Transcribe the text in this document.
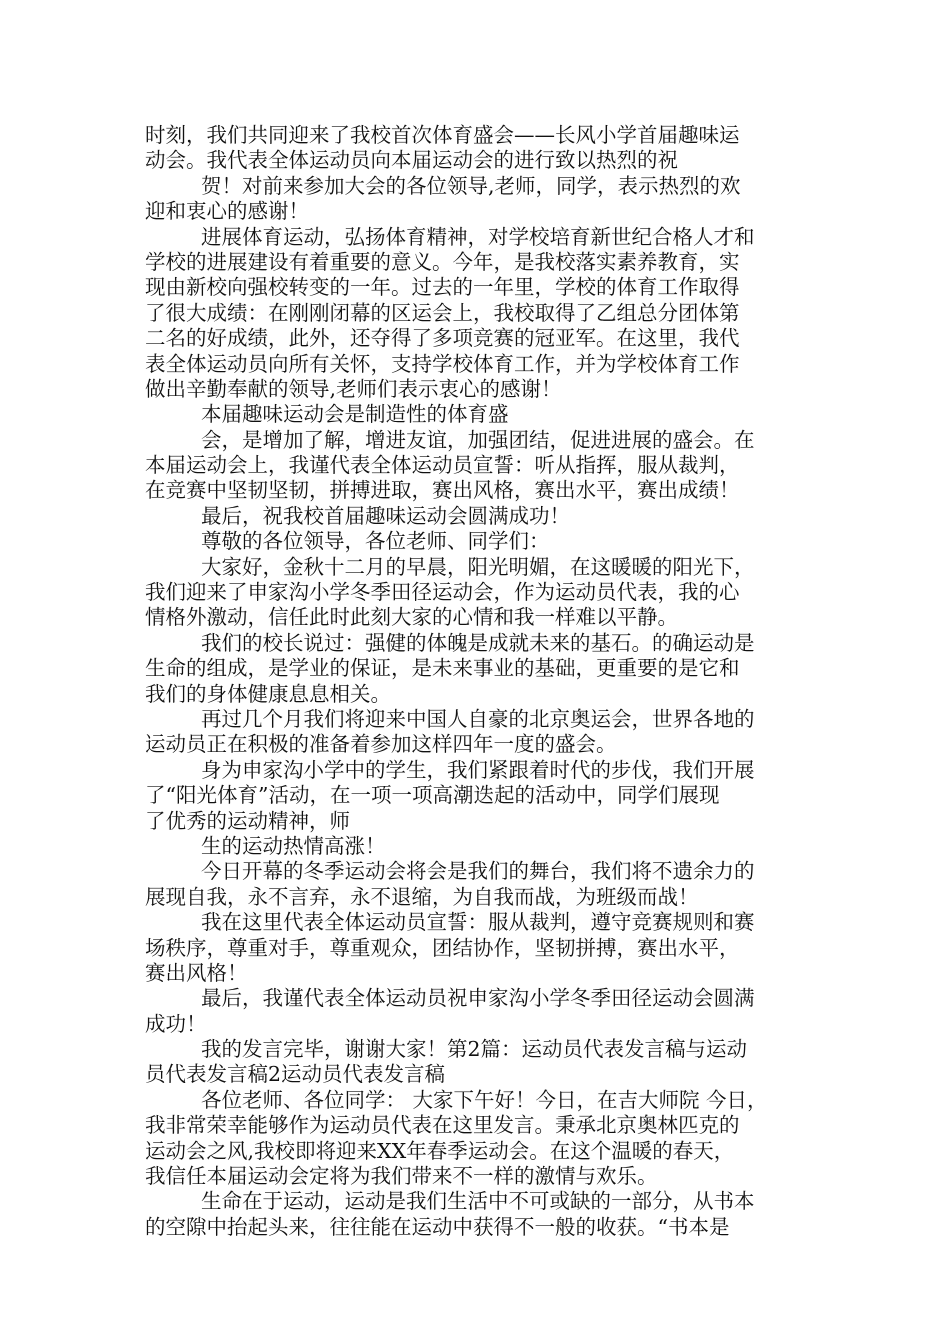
时刻，我们共同迎来了我校首次体育盛会——长风小学首届趣味运
动会。我代表全体运动员向本届运动会的进行致以热烈的祝
贺！对前来参加大会的各位领导,老师，同学，表示热烈的欢
迎和衷心的感谢！
进展体育运动，弘扬体育精神，对学校培育新世纪合格人才和
学校的进展建设有着重要的意义。今年，是我校落实素养教育，实
现由新校向强校转变的一年。过去的一年里，学校的体育工作取得
了很大成绩：在刚刚闭幕的区运会上，我校取得了乙组总分团体第
二名的好成绩，此外，还夺得了多项竞赛的冠亚军。在这里，我代
表全体运动员向所有关怀，支持学校体育工作，并为学校体育工作
做出辛勤奉献的领导,老师们表示衷心的感谢！
本届趣味运动会是制造性的体育盛
会，是增加了解，增进友谊，加强团结，促进进展的盛会。在
本届运动会上，我谨代表全体运动员宣誓：听从指挥，服从裁判，
在竞赛中坚韧坚韧，拼搏进取，赛出风格，赛出水平，赛出成绩！
最后，祝我校首届趣味运动会圆满成功！
尊敬的各位领导，各位老师、同学们：
大家好，金秋十二月的早晨，阳光明媚，在这暖暖的阳光下，
我们迎来了申家沟小学冬季田径运动会，作为运动员代表，我的心
情格外激动，信任此时此刻大家的心情和我一样难以平静。
我们的校长说过：强健的体魄是成就未来的基石。的确运动是
生命的组成，是学业的保证，是未来事业的基础，更重要的是它和
我们的身体健康息息相关。
再过几个月我们将迎来中国人自豪的北京奥运会，世界各地的
运动员正在积极的准备着参加这样四年一度的盛会。
身为申家沟小学中的学生，我们紧跟着时代的步伐，我们开展
了“阳光体育”活动，在一项一项高潮迭起的活动中，同学们展现
了优秀的运动精神，师
生的运动热情高涨！
今日开幕的冬季运动会将会是我们的舞台，我们将不遗余力的
展现自我，永不言弃，永不退缩，为自我而战，为班级而战！
我在这里代表全体运动员宣誓：服从裁判，遵守竞赛规则和赛
场秩序，尊重对手，尊重观众，团结协作，坚韧拼搏，赛出水平，
赛出风格！
最后，我谨代表全体运动员祝申家沟小学冬季田径运动会圆满
成功！
我的发言完毕，谢谢大家！第2篇：运动员代表发言稿与运动
员代表发言稿2运动员代表发言稿
各位老师、各位同学： 大家下午好！今日，在吉大师院 今日，
我非常荣幸能够作为运动员代表在这里发言。秉承北京奥林匹克的
运动会之风,我校即将迎来XX年春季运动会。在这个温暖的春天，
我信任本届运动会定将为我们带来不一样的激情与欢乐。
生命在于运动，运动是我们生活中不可或缺的一部分，从书本
的空隙中抬起头来，往往能在运动中获得不一般的收获。“书本是
